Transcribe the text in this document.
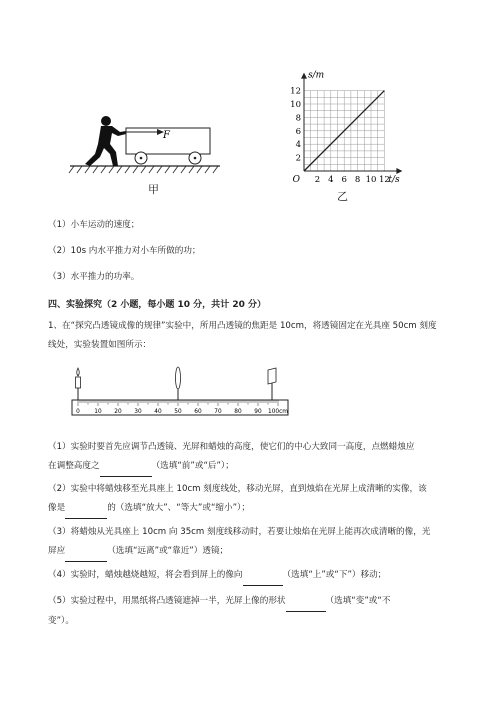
F
甲
12
10
8
6
4
2
2 4 6 8 10 12
O
s/m
t/s
乙
（1）小车运动的速度；
（2）10s 内水平推力对小车所做的功；
（3）水平推力的功率。
四、实验探究（2 小题，每小题 10 分，共计 20 分）
1、在“探究凸透镜成像的规律”实验中，所用凸透镜的焦距是 10cm，将透镜固定在光具座 50cm 刻度
线处，实验装置如图所示：
0 10 20 30 40 50 60 70 80 90 100cm
（1）实验时要首先应调节凸透镜、光屏和蜡烛的高度，使它们的中心大致同一高度，点燃蜡烛应
在调整高度之	（选填“前”或“后”）；
（2）实验中将蜡烛移至光具座上 10cm 刻度线处，移动光屏，直到烛焰在光屏上成清晰的实像，该
像是	的（选填“放大”、“等大”或“缩小”）；
（3）将蜡烛从光具座上 10cm 向 35cm 刻度线移动时，若要让烛焰在光屏上能再次成清晰的像，光
屏应	（选填“远离”或“靠近”）透镜；
（4）实验时，蜡烛越烧越短，将会看到屏上的像向	（选填“上”或“下”）移动；
（5）实验过程中，用黑纸将凸透镜遮掉一半，光屏上像的形状	（选填“变”或“不
变”）。
